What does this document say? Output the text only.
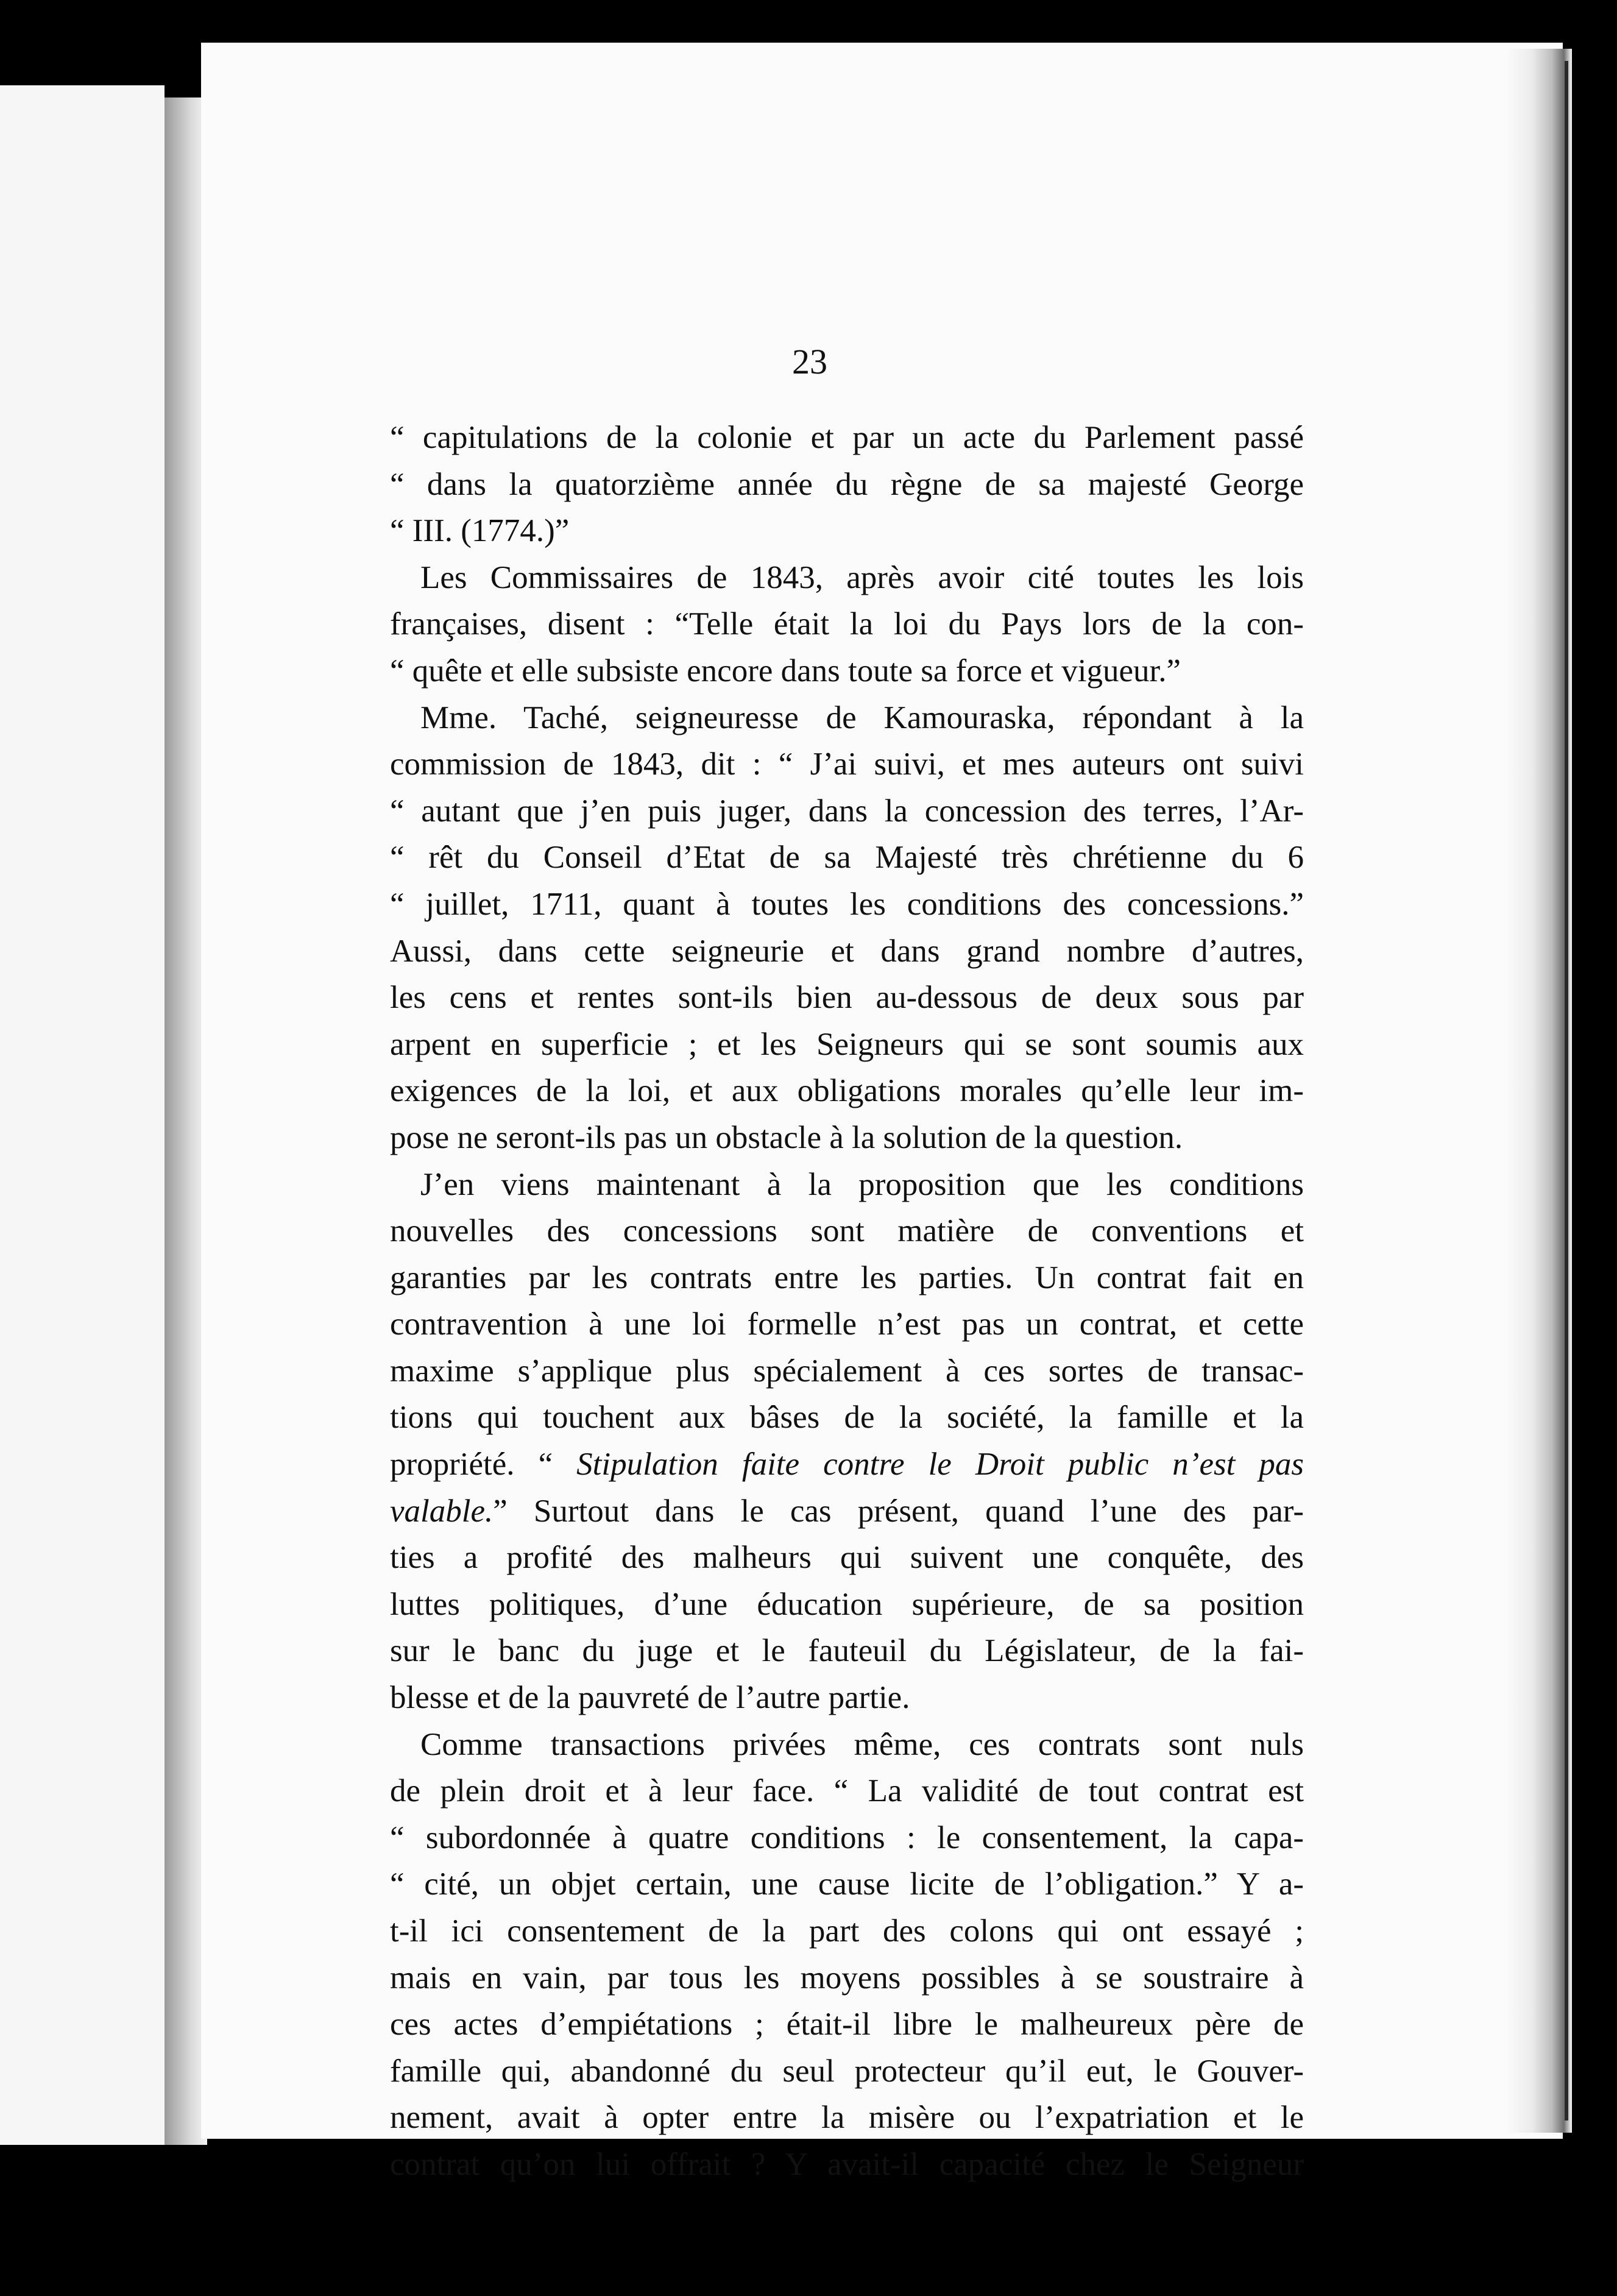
23
“ capitulations de la colonie et par un acte du Parlement passé
“ dans la quatorzième année du règne de sa majesté George
“ III. (1774.)”
Les Commissaires de 1843, après avoir cité toutes les lois
françaises, disent : “Telle était la loi du Pays lors de la con-
“ quête et elle subsiste encore dans toute sa force et vigueur.”
Mme. Taché, seigneuresse de Kamouraska, répondant à la
commission de 1843, dit : “ J’ai suivi, et mes auteurs ont suivi
“ autant que j’en puis juger, dans la concession des terres, l’Ar-
“ rêt du Conseil d’Etat de sa Majesté très chrétienne du 6
“ juillet, 1711, quant à toutes les conditions des concessions.”
Aussi, dans cette seigneurie et dans grand nombre d’autres,
les cens et rentes sont-ils bien au-dessous de deux sous par
arpent en superficie ; et les Seigneurs qui se sont soumis aux
exigences de la loi, et aux obligations morales qu’elle leur im-
pose ne seront-ils pas un obstacle à la solution de la question.
J’en viens maintenant à la proposition que les conditions
nouvelles des concessions sont matière de conventions et
garanties par les contrats entre les parties. Un contrat fait en
contravention à une loi formelle n’est pas un contrat, et cette
maxime s’applique plus spécialement à ces sortes de transac-
tions qui touchent aux bâses de la société, la famille et la
propriété. “ Stipulation faite contre le Droit public n’est pas
valable.” Surtout dans le cas présent, quand l’une des par-
ties a profité des malheurs qui suivent une conquête, des
luttes politiques, d’une éducation supérieure, de sa position
sur le banc du juge et le fauteuil du Législateur, de la fai-
blesse et de la pauvreté de l’autre partie.
Comme transactions privées même, ces contrats sont nuls
de plein droit et à leur face. “ La validité de tout contrat est
“ subordonnée à quatre conditions : le consentement, la capa-
“ cité, un objet certain, une cause licite de l’obligation.” Y a-
t-il ici consentement de la part des colons qui ont essayé ;
mais en vain, par tous les moyens possibles à se soustraire à
ces actes d’empiétations ; était-il libre le malheureux père de
famille qui, abandonné du seul protecteur qu’il eut, le Gouver-
nement, avait à opter entre la misère ou l’expatriation et le
contrat qu’on lui offrait ? Y avait-il capacité chez le Seigneur
